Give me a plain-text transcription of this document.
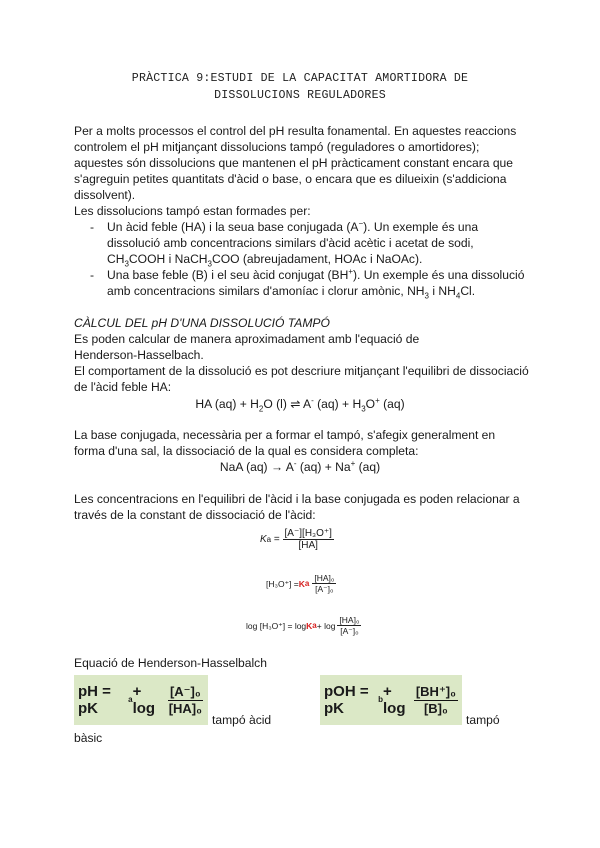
PRÀCTICA 9:ESTUDI DE LA CAPACITAT AMORTIDORA DE
DISSOLUCIONS REGULADORES
Per a molts processos el control del pH resulta fonamental. En aquestes reaccions
controlem el pH mitjançant dissolucions tampó (reguladores o amortidores);
aquestes són dissolucions que mantenen el pH pràcticament constant encara que
s'agreguin petites quantitats d'àcid o base, o encara que es dilueixin (s'addiciona
dissolvent).
Les dissolucions tampó estan formades per:
-	Un àcid feble (HA) i la seua base conjugada (A−). Un exemple és una
dissolució amb concentracions similars d'àcid acètic i acetat de sodi,
$CH_3COOH$ i NaCH$_3$COO (abreujadament, HOAc i NaOAc).
-	Una base feble (B) i el seu àcid conjugat (BH+). Un exemple és una dissolució
amb concentracions similars d'amoníac i clorur amònic, $NH_3$ i $NH_4Cl$.
CÀLCUL DEL pH D'UNA DISSOLUCIÓ TAMPÓ
Es poden calcular de manera aproximadament amb l'equació de
Henderson-Hasselbach.
El comportament de la dissolució es pot descriure mitjançant l'equilibri de dissociació
de l'àcid feble HA:
HA $(aq) + H_2O$ (l) ⇌ A- $(aq) + H_3O^+$ (aq)
La base conjugada, necessària per a formar el tampó, s'afegix generalment en
forma d'una sal, la dissociació de la qual es considera completa:
NaA (aq) → A- (aq) + Na+ (aq)
Les concentracions en l'equilibri de l'àcid i la base conjugada es poden relacionar a
través de la constant de dissociació de l'àcid:
K $a = \frac{\text{[A⁻][H₃O⁺]}}{[HA]}$
[H₃O⁺] = K a $\frac{\text{[HA]₀}}{\text{[A⁻]₀}}$
log [H₃O⁺] = log K $a + \log \frac{\text{[HA]₀}}{\text{[A⁻]₀}}$
Equació de Henderson-Hasselbalch
pH = pK
$a + \log \frac{\text{[A⁻]₀}}{\text{[HA]₀}}$
tampó àcid
pOH = pK
$b + \log \frac{\text{[BH⁺]₀}}{\text{[B]₀}}$
tampó
bàsic
